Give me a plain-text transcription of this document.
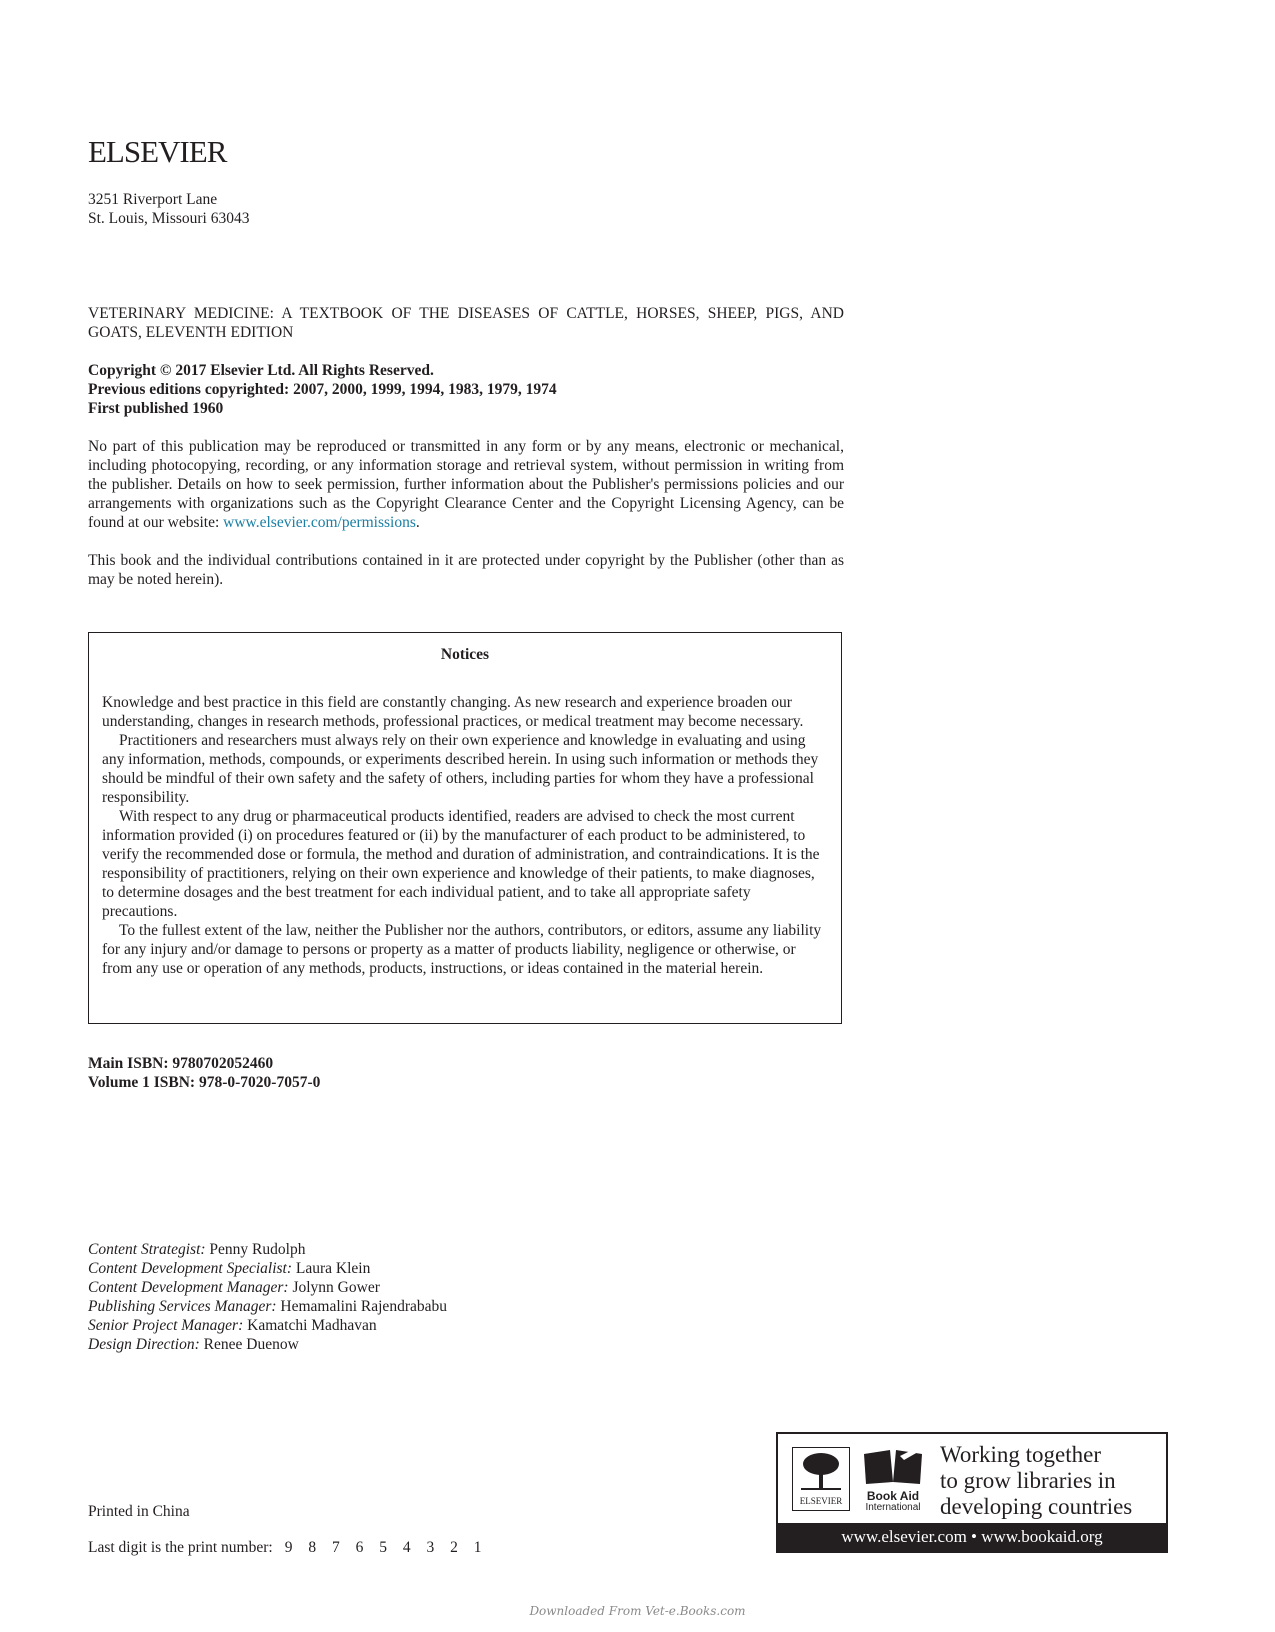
ELSEVIER
3251 Riverport Lane
St. Louis, Missouri 63043
VETERINARY MEDICINE: A TEXTBOOK OF THE DISEASES OF CATTLE, HORSES, SHEEP, PIGS, AND GOATS, ELEVENTH EDITION
Copyright © 2017 Elsevier Ltd. All Rights Reserved.
Previous editions copyrighted: 2007, 2000, 1999, 1994, 1983, 1979, 1974
First published 1960
No part of this publication may be reproduced or transmitted in any form or by any means, electronic or mechanical, including photocopying, recording, or any information storage and retrieval system, without permission in writing from the publisher. Details on how to seek permission, further information about the Publisher's permissions policies and our arrangements with organizations such as the Copyright Clearance Center and the Copyright Licensing Agency, can be found at our website: www.elsevier.com/permissions.
This book and the individual contributions contained in it are protected under copyright by the Publisher (other than as may be noted herein).
Notices

Knowledge and best practice in this field are constantly changing. As new research and experience broaden our understanding, changes in research methods, professional practices, or medical treatment may become necessary.

Practitioners and researchers must always rely on their own experience and knowledge in evaluating and using any information, methods, compounds, or experiments described herein. In using such information or methods they should be mindful of their own safety and the safety of others, including parties for whom they have a professional responsibility.

With respect to any drug or pharmaceutical products identified, readers are advised to check the most current information provided (i) on procedures featured or (ii) by the manufacturer of each product to be administered, to verify the recommended dose or formula, the method and duration of administration, and contraindications. It is the responsibility of practitioners, relying on their own experience and knowledge of their patients, to make diagnoses, to determine dosages and the best treatment for each individual patient, and to take all appropriate safety precautions.

To the fullest extent of the law, neither the Publisher nor the authors, contributors, or editors, assume any liability for any injury and/or damage to persons or property as a matter of products liability, negligence or otherwise, or from any use or operation of any methods, products, instructions, or ideas contained in the material herein.

Main ISBN: 9780702052460
Volume 1 ISBN: 978-0-7020-7057-0
Content Strategist: Penny Rudolph
Content Development Specialist: Laura Klein
Content Development Manager: Jolynn Gower
Publishing Services Manager: Hemamalini Rajendrababu
Senior Project Manager: Kamatchi Madhavan
Design Direction: Renee Duenow
Printed in China
Last digit is the print number: 9 8 7 6 5 4 3 2 1
ELSEVIER	Book Aid
International
Working together
to grow libraries in
developing countries
www.elsevier.com • www.bookaid.org
Downloaded From Vet-e.Books.com
